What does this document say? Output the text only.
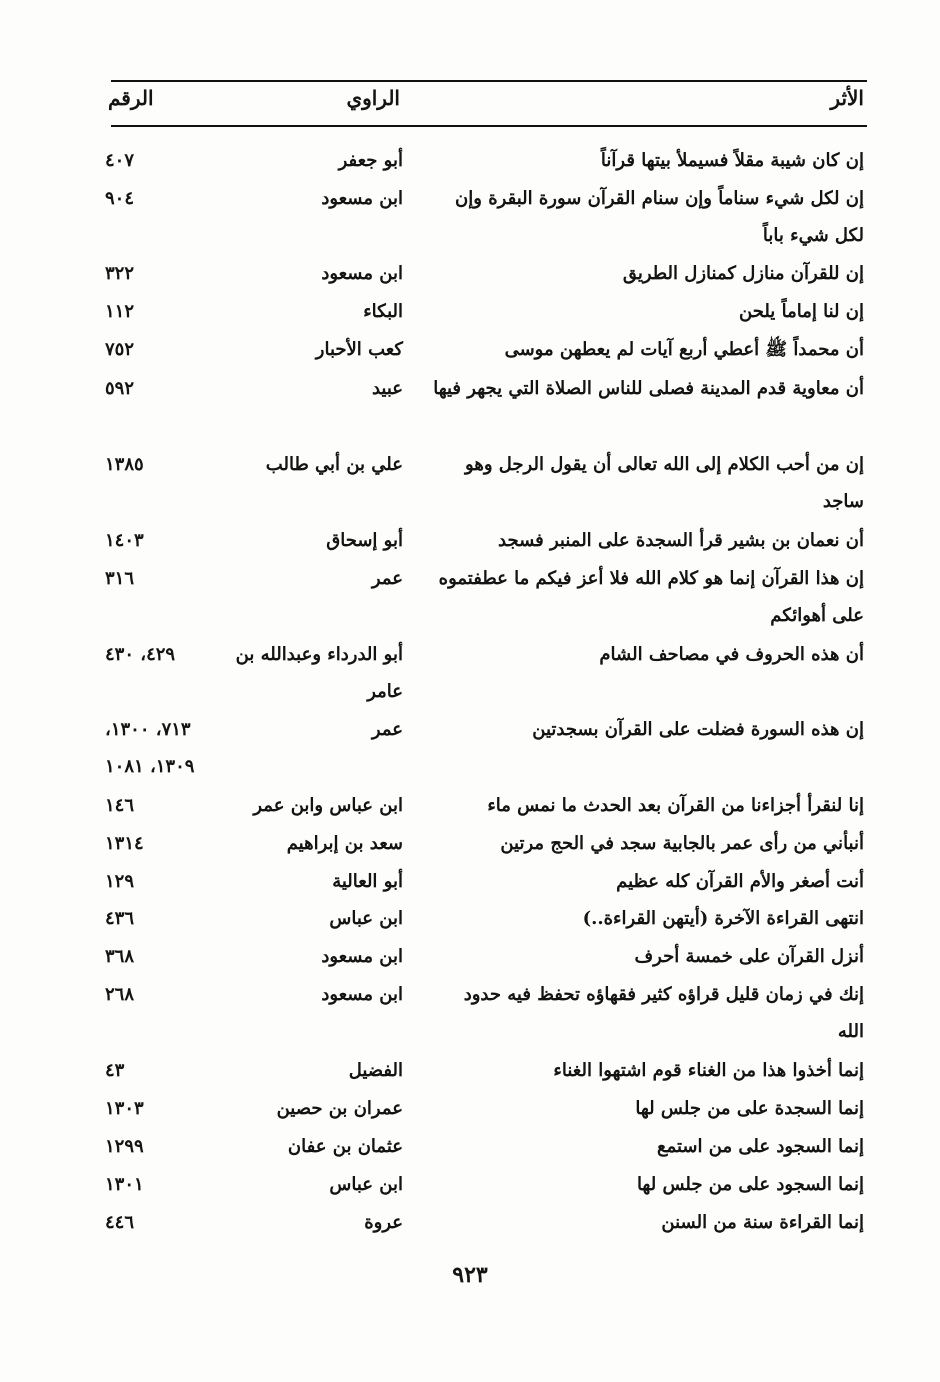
الأثر
الراوي
الرقم
إن كان شيبة مقلاً فسيملأ بيتها قرآناً
أبو جعفر
٤٠٧
إن لكل شيء سناماً وإن سنام القرآن سورة البقرة وإن لكل شيء باباً
ابن مسعود
٩٠٤
إن للقرآن منازل كمنازل الطريق
ابن مسعود
٣٢٢
إن لنا إماماً يلحن
البكاء
١١٢
أن محمداً ﷺ أعطي أربع آيات لم يعطهن موسى
كعب الأحبار
٧٥٢
أن معاوية قدم المدينة فصلى للناس الصلاة التي يجهر فيها
عبيد
٥٩٢
إن من أحب الكلام إلى الله تعالى أن يقول الرجل وهو ساجد
علي بن أبي طالب
١٣٨٥
أن نعمان بن بشير قرأ السجدة على المنبر فسجد
أبو إسحاق
١٤٠٣
إن هذا القرآن إنما هو كلام الله فلا أعز فيكم ما عطفتموه على أهوائكم
عمر
٣١٦
أن هذه الحروف في مصاحف الشام
أبو الدرداء وعبدالله بن عامر
٤٢٩، ٤٣٠
إن هذه السورة فضلت على القرآن بسجدتين
عمر
٧١٣، ١٣٠٠، ١٣٠٩، ١٠٨١
إنا لنقرأ أجزاءنا من القرآن بعد الحدث ما نمس ماء
ابن عباس وابن عمر
١٤٦
أنبأني من رأى عمر بالجابية سجد في الحج مرتين
سعد بن إبراهيم
١٣١٤
أنت أصغر والأم القرآن كله عظيم
أبو العالية
١٢٩
انتهى القراءة الآخرة (أيتهن القراءة..)
ابن عباس
٤٣٦
أنزل القرآن على خمسة أحرف
ابن مسعود
٣٦٨
إنك في زمان قليل قراؤه كثير فقهاؤه تحفظ فيه حدود الله
ابن مسعود
٢٦٨
إنما أخذوا هذا من الغناء قوم اشتهوا الغناء
الفضيل
٤٣
إنما السجدة على من جلس لها
عمران بن حصين
١٣٠٣
إنما السجود على من استمع
عثمان بن عفان
١٢٩٩
إنما السجود على من جلس لها
ابن عباس
١٣٠١
إنما القراءة سنة من السنن
عروة
٤٤٦
٩٢٣
